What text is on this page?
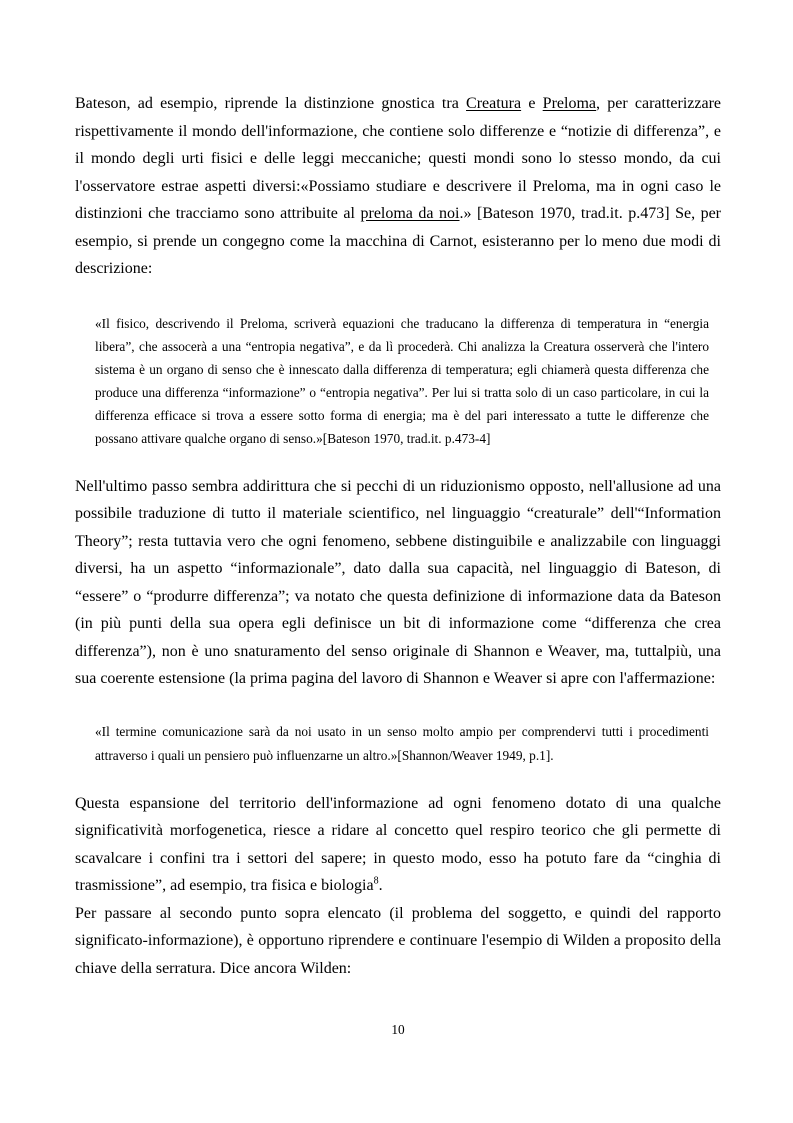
Bateson, ad esempio, riprende la distinzione gnostica tra Creatura e Preloma, per caratterizzare
rispettivamente il mondo dell'informazione, che contiene solo differenze e “notizie di differenza”, e
il mondo degli urti fisici e delle leggi meccaniche; questi mondi sono lo stesso mondo, da cui
l'osservatore estrae aspetti diversi:«Possiamo studiare e descrivere il Preloma, ma in ogni caso le
distinzioni che tracciamo sono attribuite al preloma da noi.» [Bateson 1970, trad.it. p.473] Se, per
esempio, si prende un congegno come la macchina di Carnot, esisteranno per lo meno due modi di
descrizione:
«Il fisico, descrivendo il Preloma, scriverà equazioni che traducano la differenza di temperatura in “energia
libera”, che assocerà a una “entropia negativa”, e da lì procederà. Chi analizza la Creatura osserverà che l'intero
sistema è un organo di senso che è innescato dalla differenza di temperatura; egli chiamerà questa differenza che
produce una differenza “informazione” o “entropia negativa”. Per lui si tratta solo di un caso particolare, in cui la
differenza efficace si trova a essere sotto forma di energia; ma è del pari interessato a tutte le differenze che
possano attivare qualche organo di senso.»[Bateson 1970, trad.it. p.473-4]
Nell'ultimo passo sembra addirittura che si pecchi di un riduzionismo opposto, nell'allusione ad una
possibile traduzione di tutto il materiale scientifico, nel linguaggio “creaturale” dell'“Information
Theory”; resta tuttavia vero che ogni fenomeno, sebbene distinguibile e analizzabile con linguaggi
diversi, ha un aspetto “informazionale”, dato dalla sua capacità, nel linguaggio di Bateson, di
“essere” o “produrre differenza”; va notato che questa definizione di informazione data da Bateson
(in più punti della sua opera egli definisce un bit di informazione come “differenza che crea
differenza”), non è uno snaturamento del senso originale di Shannon e Weaver, ma, tuttalpiù, una
sua coerente estensione (la prima pagina del lavoro di Shannon e Weaver si apre con l'affermazione:
«Il termine comunicazione sarà da noi usato in un senso molto ampio per comprendervi tutti i procedimenti
attraverso i quali un pensiero può influenzarne un altro.»[Shannon/Weaver 1949, p.1].
Questa espansione del territorio dell'informazione ad ogni fenomeno dotato di una qualche
significatività morfogenetica, riesce a ridare al concetto quel respiro teorico che gli permette di
scavalcare i confini tra i settori del sapere; in questo modo, esso ha potuto fare da “cinghia di
trasmissione”, ad esempio, tra fisica e biologia$^8$.
Per passare al secondo punto sopra elencato (il problema del soggetto, e quindi del rapporto
significato-informazione), è opportuno riprendere e continuare l'esempio di Wilden a proposito della
chiave della serratura. Dice ancora Wilden:
10
